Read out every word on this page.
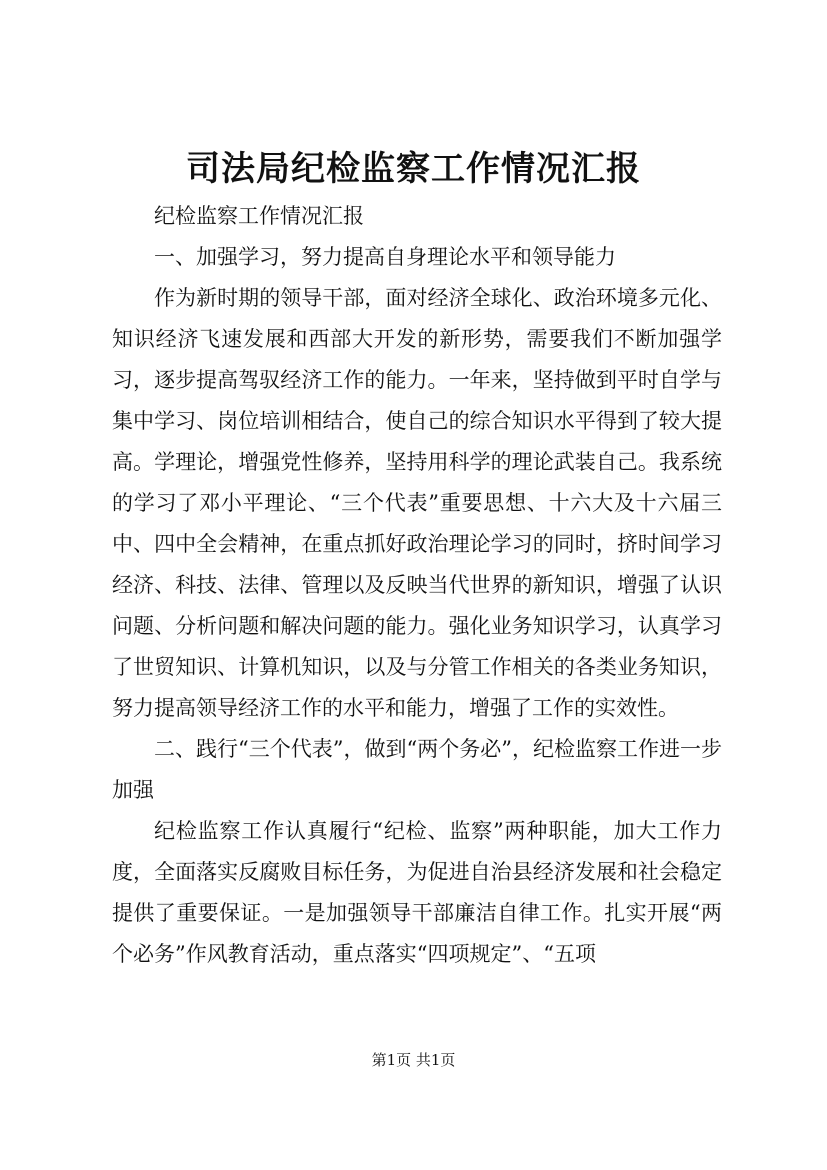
司法局纪检监察工作情况汇报

纪检监察工作情况汇报

一、加强学习，努力提高自身理论水平和领导能力

作为新时期的领导干部，面对经济全球化、政治环境多元化、知识经济飞速发展和西部大开发的新形势，需要我们不断加强学习，逐步提高驾驭经济工作的能力。一年来，坚持做到平时自学与集中学习、岗位培训相结合，使自己的综合知识水平得到了较大提高。学理论，增强党性修养，坚持用科学的理论武装自己。我系统的学习了邓小平理论、“三个代表”重要思想、十六大及十六届三中、四中全会精神，在重点抓好政治理论学习的同时，挤时间学习经济、科技、法律、管理以及反映当代世界的新知识，增强了认识问题、分析问题和解决问题的能力。强化业务知识学习，认真学习了世贸知识、计算机知识，以及与分管工作相关的各类业务知识，努力提高领导经济工作的水平和能力，增强了工作的实效性。

二、践行“三个代表”，做到“两个务必”，纪检监察工作进一步加强

纪检监察工作认真履行“纪检、监察”两种职能，加大工作力度，全面落实反腐败目标任务，为促进自治县经济发展和社会稳定提供了重要保证。一是加强领导干部廉洁自律工作。扎实开展“两个必务”作风教育活动，重点落实“四项规定”、“五项

第1页 共1页
